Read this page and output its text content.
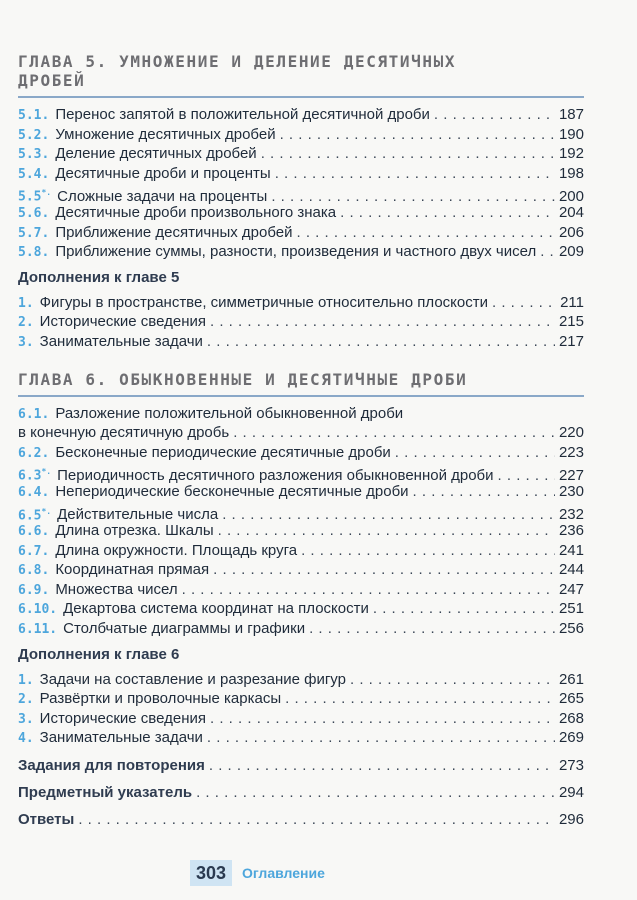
ГЛАВА 5. УМНОЖЕНИЕ И ДЕЛЕНИЕ ДЕСЯТИЧНЫХ
ДРОБЕЙ
5.1. Перенос запятой в положительной десятичной дроби . . .	187
5.2. Умножение десятичных дробей . . .	190
5.3. Деление десятичных дробей . . .	192
5.4. Десятичные дроби и проценты . . .	198
5.5*. Сложные задачи на проценты . . .	200
5.6. Десятичные дроби произвольного знака . . .	204
5.7. Приближение десятичных дробей . . .	206
5.8. Приближение суммы, разности, произведения и частного двух чисел . . . 209
Дополнения к главе 5
1. Фигуры в пространстве, симметричные относительно плоскости . . .	211
2. Исторические сведения . . .	215
3. Занимательные задачи . . .	217
ГЛАВА 6. ОБЫКНОВЕННЫЕ И ДЕСЯТИЧНЫЕ ДРОБИ
6.1. Разложение положительной обыкновенной дроби
в конечную десятичную дробь . . .	220
6.2. Бесконечные периодические десятичные дроби . . .	223
6.3*. Периодичность десятичного разложения обыкновенной дроби . . .	227
6.4. Непериодические бесконечные десятичные дроби . . .	230
6.5*. Действительные числа . . .	232
6.6. Длина отрезка. Шкалы . . .	236
6.7. Длина окружности. Площадь круга . . .	241
6.8. Координатная прямая . . .	244
6.9. Множества чисел . . .	247
6.10. Декартова система координат на плоскости . . .	251
6.11. Столбчатые диаграммы и графики . . .	256
Дополнения к главе 6
1. Задачи на составление и разрезание фигур . . .	261
2. Развёртки и проволочные каркасы . . .	265
3. Исторические сведения . . .	268
4. Занимательные задачи . . .	269
Задания для повторения . . .	273
Предметный указатель . . .	294
Ответы . . .	296
303	Оглавление
